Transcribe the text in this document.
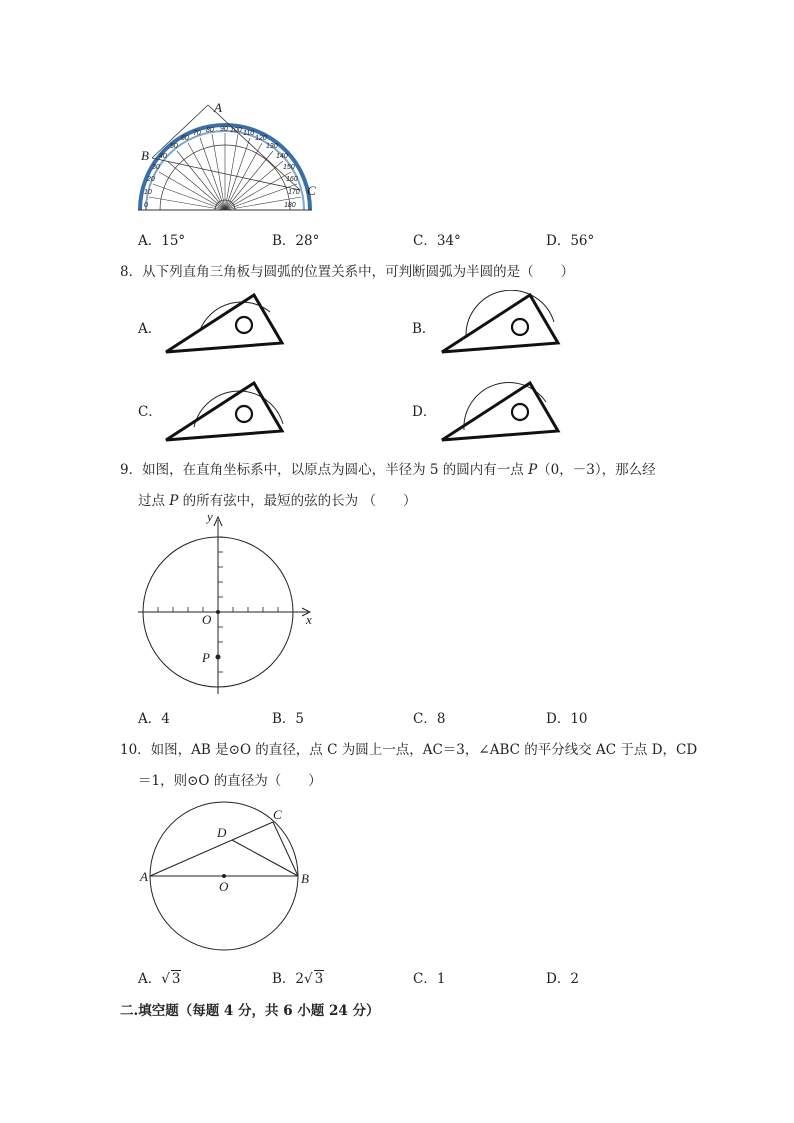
0
10
20
30
40
50
60
70 80 90 100 110
120
130
140
150
160
170
180
A
B
C
A．15°	B．28°	C．34°	D．56°
8．从下列直角三角板与圆弧的位置关系中，可判断圆弧为半圆的是（　　）
A．	B．
C．	D．
9．如图，在直角坐标系中，以原点为圆心，半径为 5 的圆内有一点 P（0，－3），那么经
过点 P 的所有弦中，最短的弦的长为 （　　）
y
x
O
P
A．4	B．5	C．8	D．10
10．如图，AB 是⊙O 的直径，点 C 为圆上一点，AC＝3，∠ABC 的平分线交 AC 于点 D，CD
＝1，则⊙O 的直径为（　　）
A	B
C
D
O
A．√ 3	B．2√ 3	C．1	D．2
二.填空题（每题 4 分，共 6 小题 24 分）
